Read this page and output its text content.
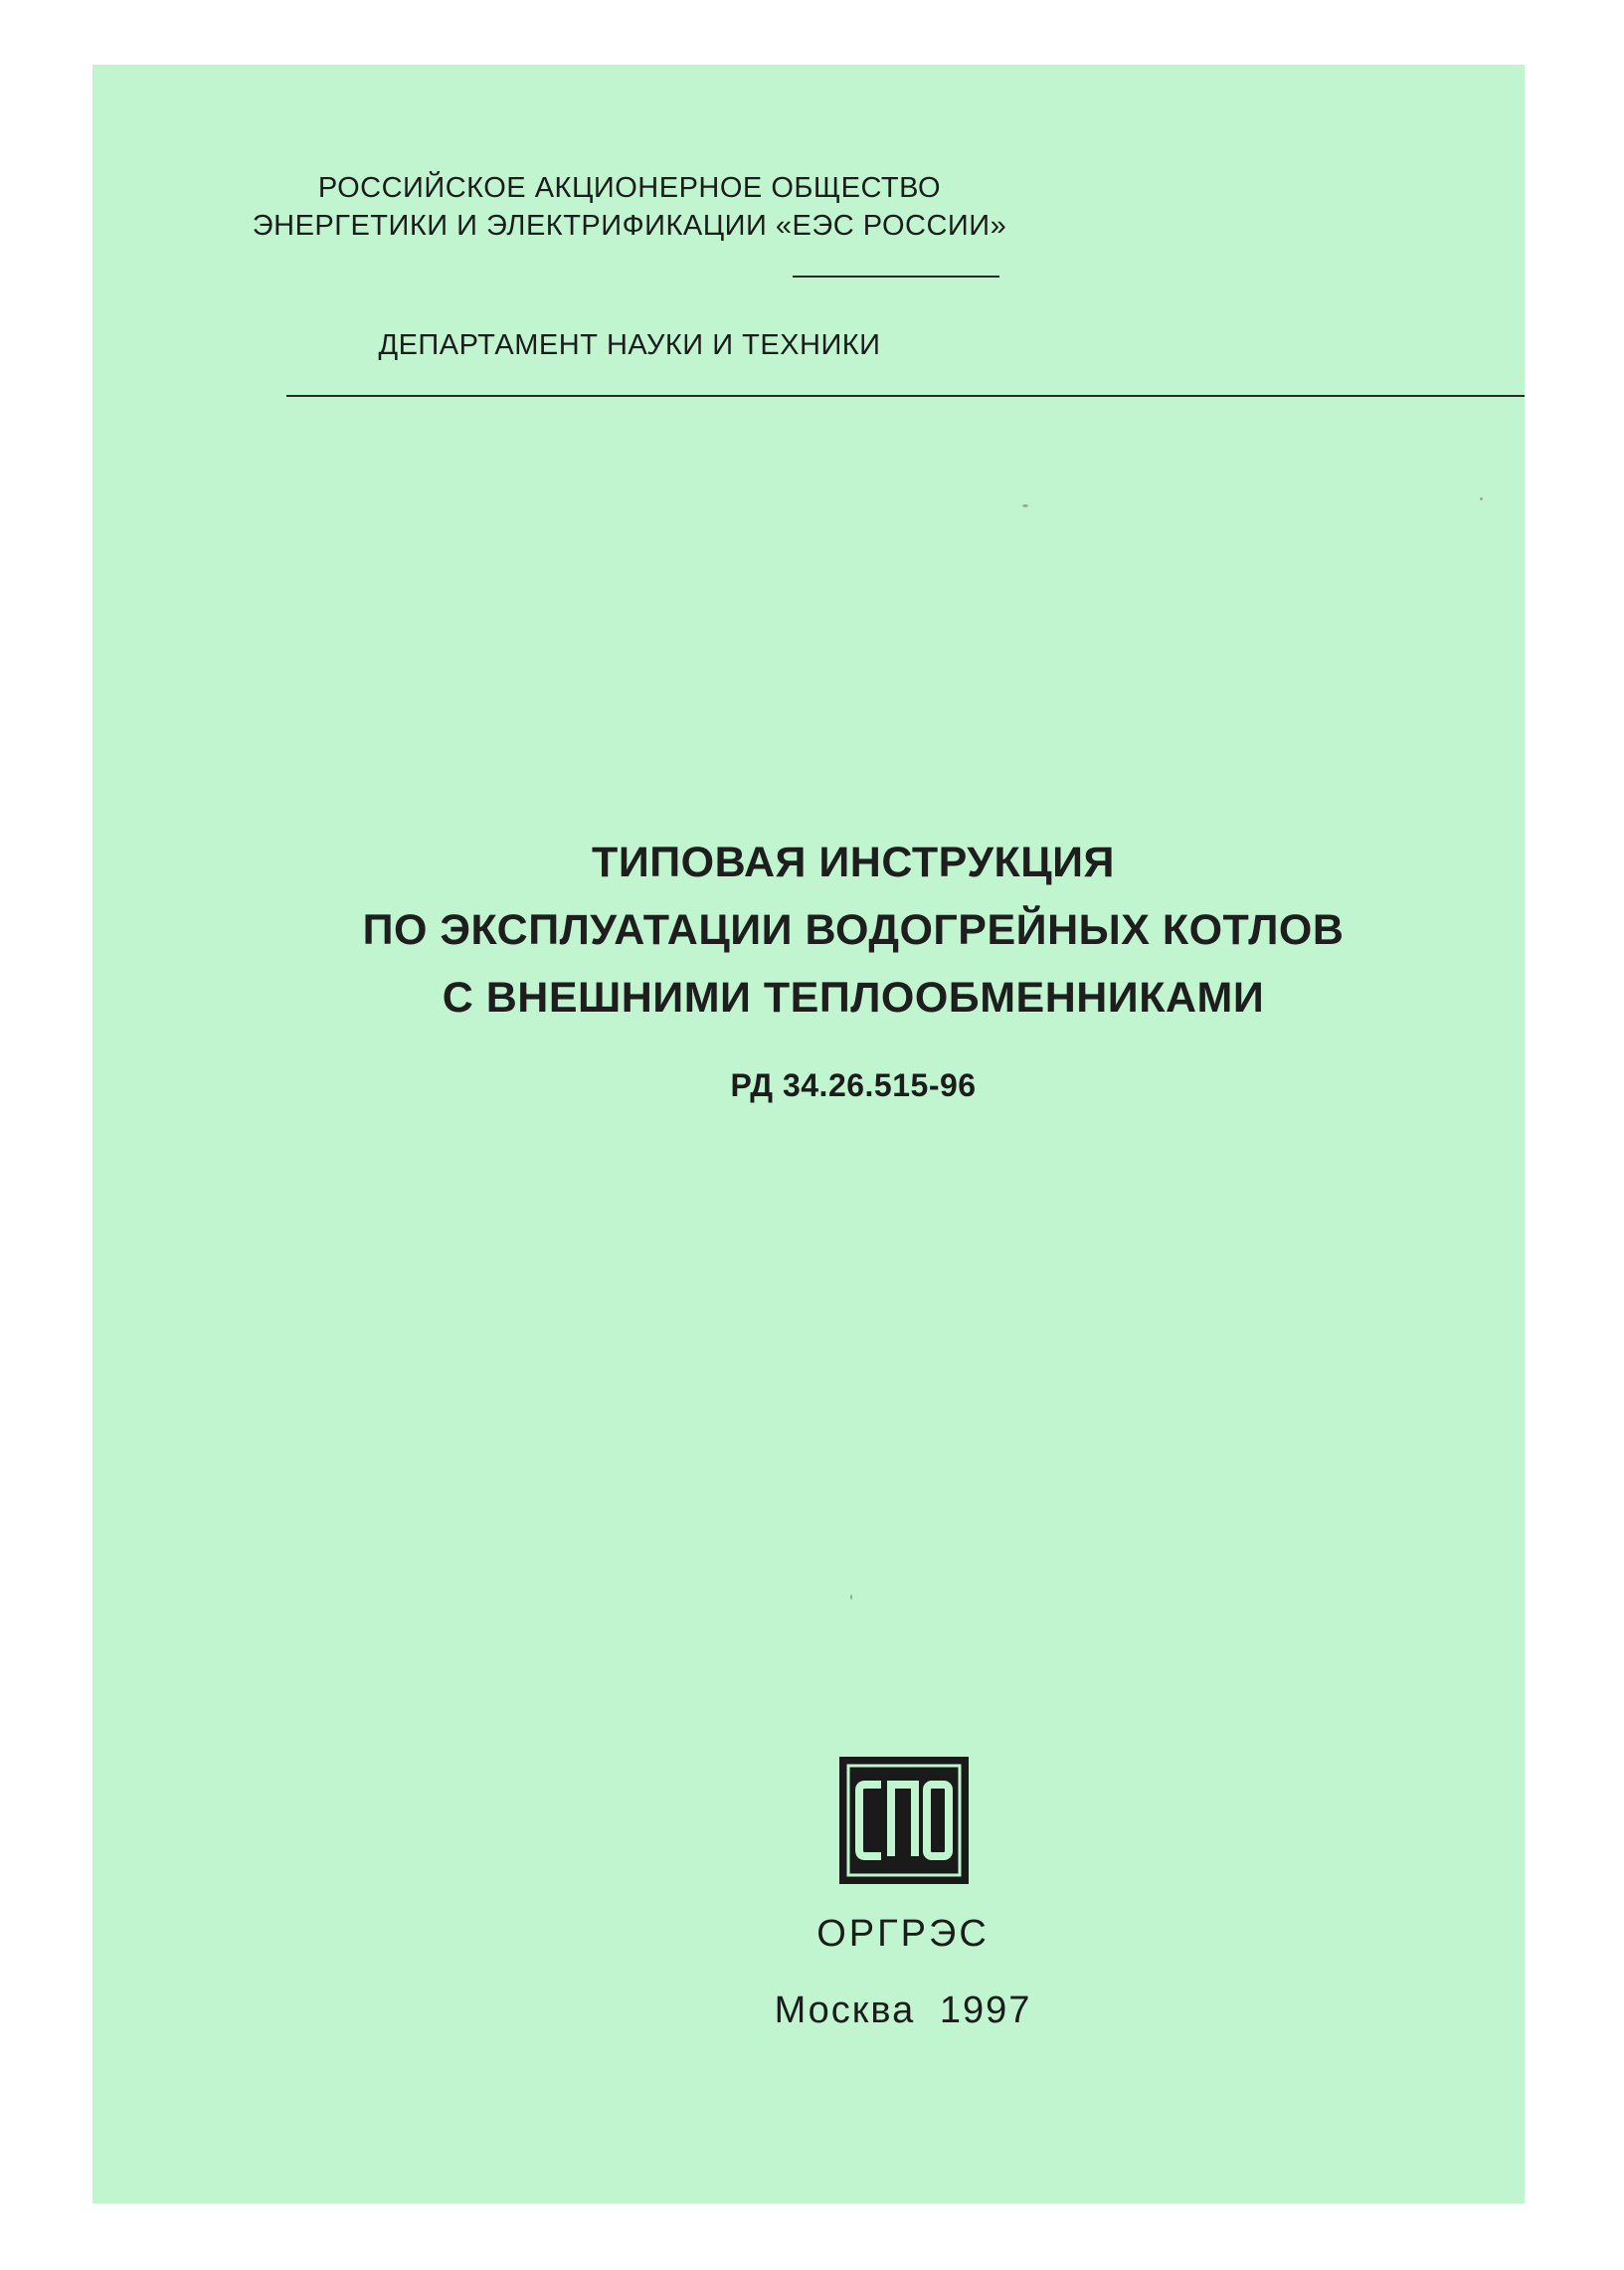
РОССИЙСКОЕ АКЦИОНЕРНОЕ ОБЩЕСТВО
ЭНЕРГЕТИКИ И ЭЛЕКТРИФИКАЦИИ «ЕЭС РОССИИ»
ДЕПАРТАМЕНТ НАУКИ И ТЕХНИКИ
ТИПОВАЯ ИНСТРУКЦИЯ
ПО ЭКСПЛУАТАЦИИ ВОДОГРЕЙНЫХ КОТЛОВ
С ВНЕШНИМИ ТЕПЛООБМЕННИКАМИ
РД 34.26.515-96
ОРГРЭС
Москва 1997
